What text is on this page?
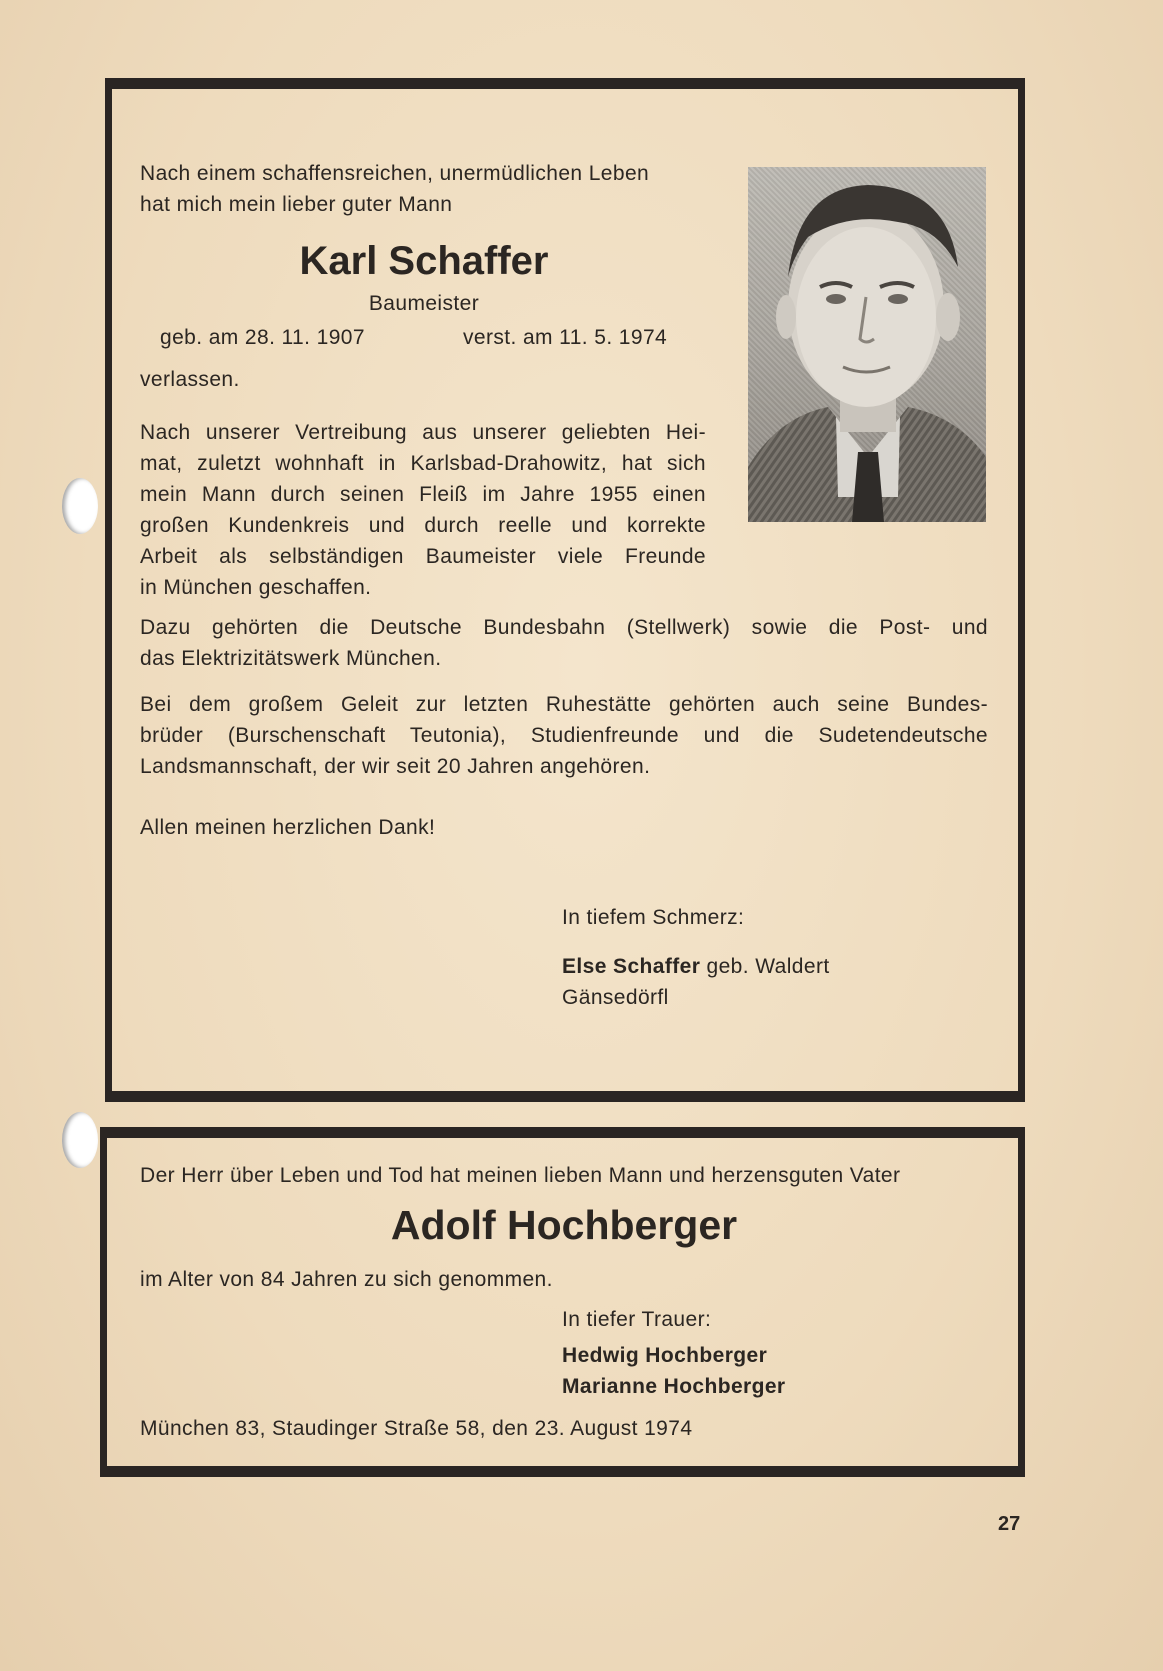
Nach einem schaffensreichen, unermüdlichen Leben
hat mich mein lieber guter Mann
Karl Schaffer
Baumeister
geb. am 28. 11. 1907	verst. am 11. 5. 1974
verlassen.
Nach unserer Vertreibung aus unserer geliebten Hei-
mat, zuletzt wohnhaft in Karlsbad-Drahowitz, hat sich
mein Mann durch seinen Fleiß im Jahre 1955 einen
großen Kundenkreis und durch reelle und korrekte
Arbeit als selbständigen Baumeister viele Freunde
in München geschaffen.
Dazu gehörten die Deutsche Bundesbahn (Stellwerk) sowie die Post- und
das Elektrizitätswerk München.
Bei dem großem Geleit zur letzten Ruhestätte gehörten auch seine Bundes-
brüder (Burschenschaft Teutonia), Studienfreunde und die Sudetendeutsche
Landsmannschaft, der wir seit 20 Jahren angehören.
Allen meinen herzlichen Dank!
In tiefem Schmerz:
Else Schaffer geb. Waldert
Gänsedörfl
Der Herr über Leben und Tod hat meinen lieben Mann und herzensguten Vater
Adolf Hochberger
im Alter von 84 Jahren zu sich genommen.
In tiefer Trauer:
Hedwig Hochberger
Marianne Hochberger
München 83, Staudinger Straße 58, den 23. August 1974
27
